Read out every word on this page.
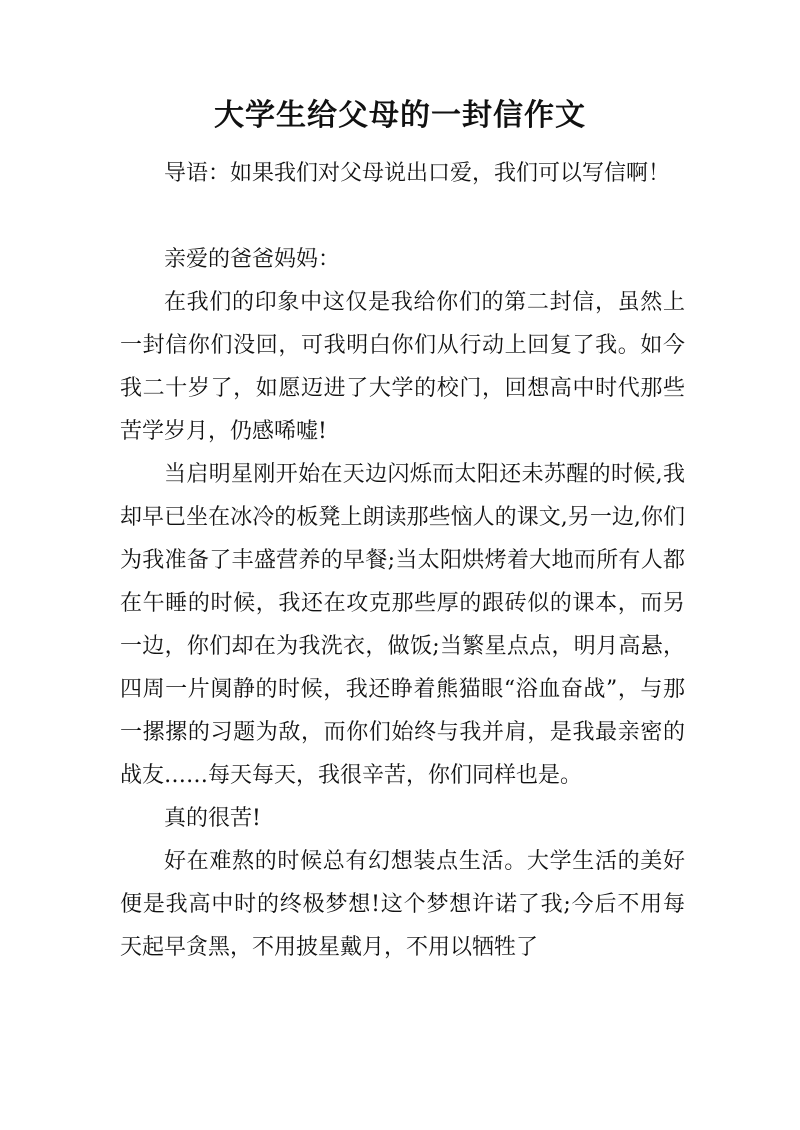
大学生给父母的一封信作文

导语：如果我们对父母说出口爱，我们可以写信啊！

亲爱的爸爸妈妈：

在我们的印象中这仅是我给你们的第二封信，虽然上一封信你们没回，可我明白你们从行动上回复了我。如今我二十岁了，如愿迈进了大学的校门，回想高中时代那些苦学岁月，仍感唏嘘!

当启明星刚开始在天边闪烁而太阳还未苏醒的时候,我却早已坐在冰冷的板凳上朗读那些恼人的课文,另一边,你们为我准备了丰盛营养的早餐;当太阳烘烤着大地而所有人都在午睡的时候，我还在攻克那些厚的跟砖似的课本，而另一边，你们却在为我洗衣，做饭;当繁星点点，明月高悬，四周一片阒静的时候，我还睁着熊猫眼“浴血奋战”，与那一摞摞的习题为敌，而你们始终与我并肩，是我最亲密的战友……每天每天，我很辛苦，你们同样也是。

真的很苦!

好在难熬的时候总有幻想装点生活。大学生活的美好便是我高中时的终极梦想!这个梦想许诺了我;今后不用每天起早贪黑，不用披星戴月，不用以牺牲了
